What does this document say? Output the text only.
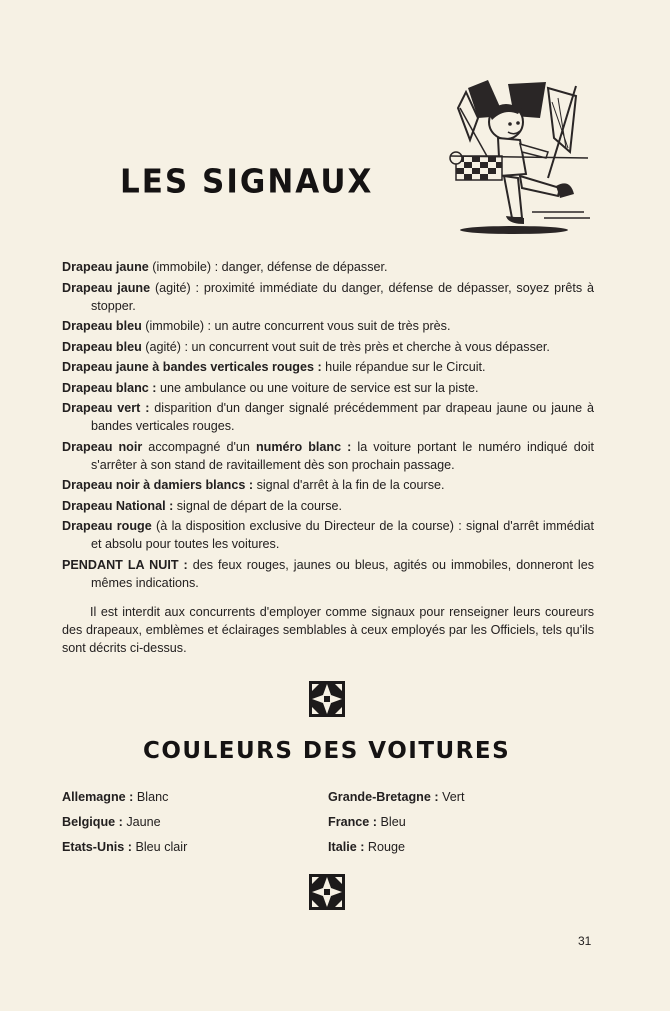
LES SIGNAUX

Drapeau jaune (immobile) : danger, défense de dépasser.

Drapeau jaune (agité) : proximité immédiate du danger, défense de dépasser, soyez prêts à stopper.

Drapeau bleu (immobile) : un autre concurrent vous suit de très près.

Drapeau bleu (agité) : un concurrent vout suit de très près et cherche à vous dépasser.

Drapeau jaune à bandes verticales rouges : huile répandue sur le Circuit.

Drapeau blanc : une ambulance ou une voiture de service est sur la piste.

Drapeau vert : disparition d'un danger signalé précédemment par drapeau jaune ou jaune à bandes verticales rouges.

Drapeau noir accompagné d'un numéro blanc : la voiture portant le numéro indiqué doit s'arrêter à son stand de ravitaillement dès son prochain passage.

Drapeau noir à damiers blancs : signal d'arrêt à la fin de la course.

Drapeau National : signal de départ de la course.

Drapeau rouge (à la disposition exclusive du Directeur de la course) : signal d'arrêt immédiat et absolu pour toutes les voitures.

PENDANT LA NUIT : des feux rouges, jaunes ou bleus, agités ou immobiles, donneront les mêmes indications.

Il est interdit aux concurrents d'employer comme signaux pour renseigner leurs coureurs des drapeaux, emblèmes et éclairages semblables à ceux employés par les Officiels, tels qu'ils sont décrits ci-dessus.

COULEURS DES VOITURES
Allemagne : Blanc
Belgique : Jaune
Etats-Unis : Bleu clair
Grande-Bretagne : Vert
France : Bleu
Italie : Rouge
31
